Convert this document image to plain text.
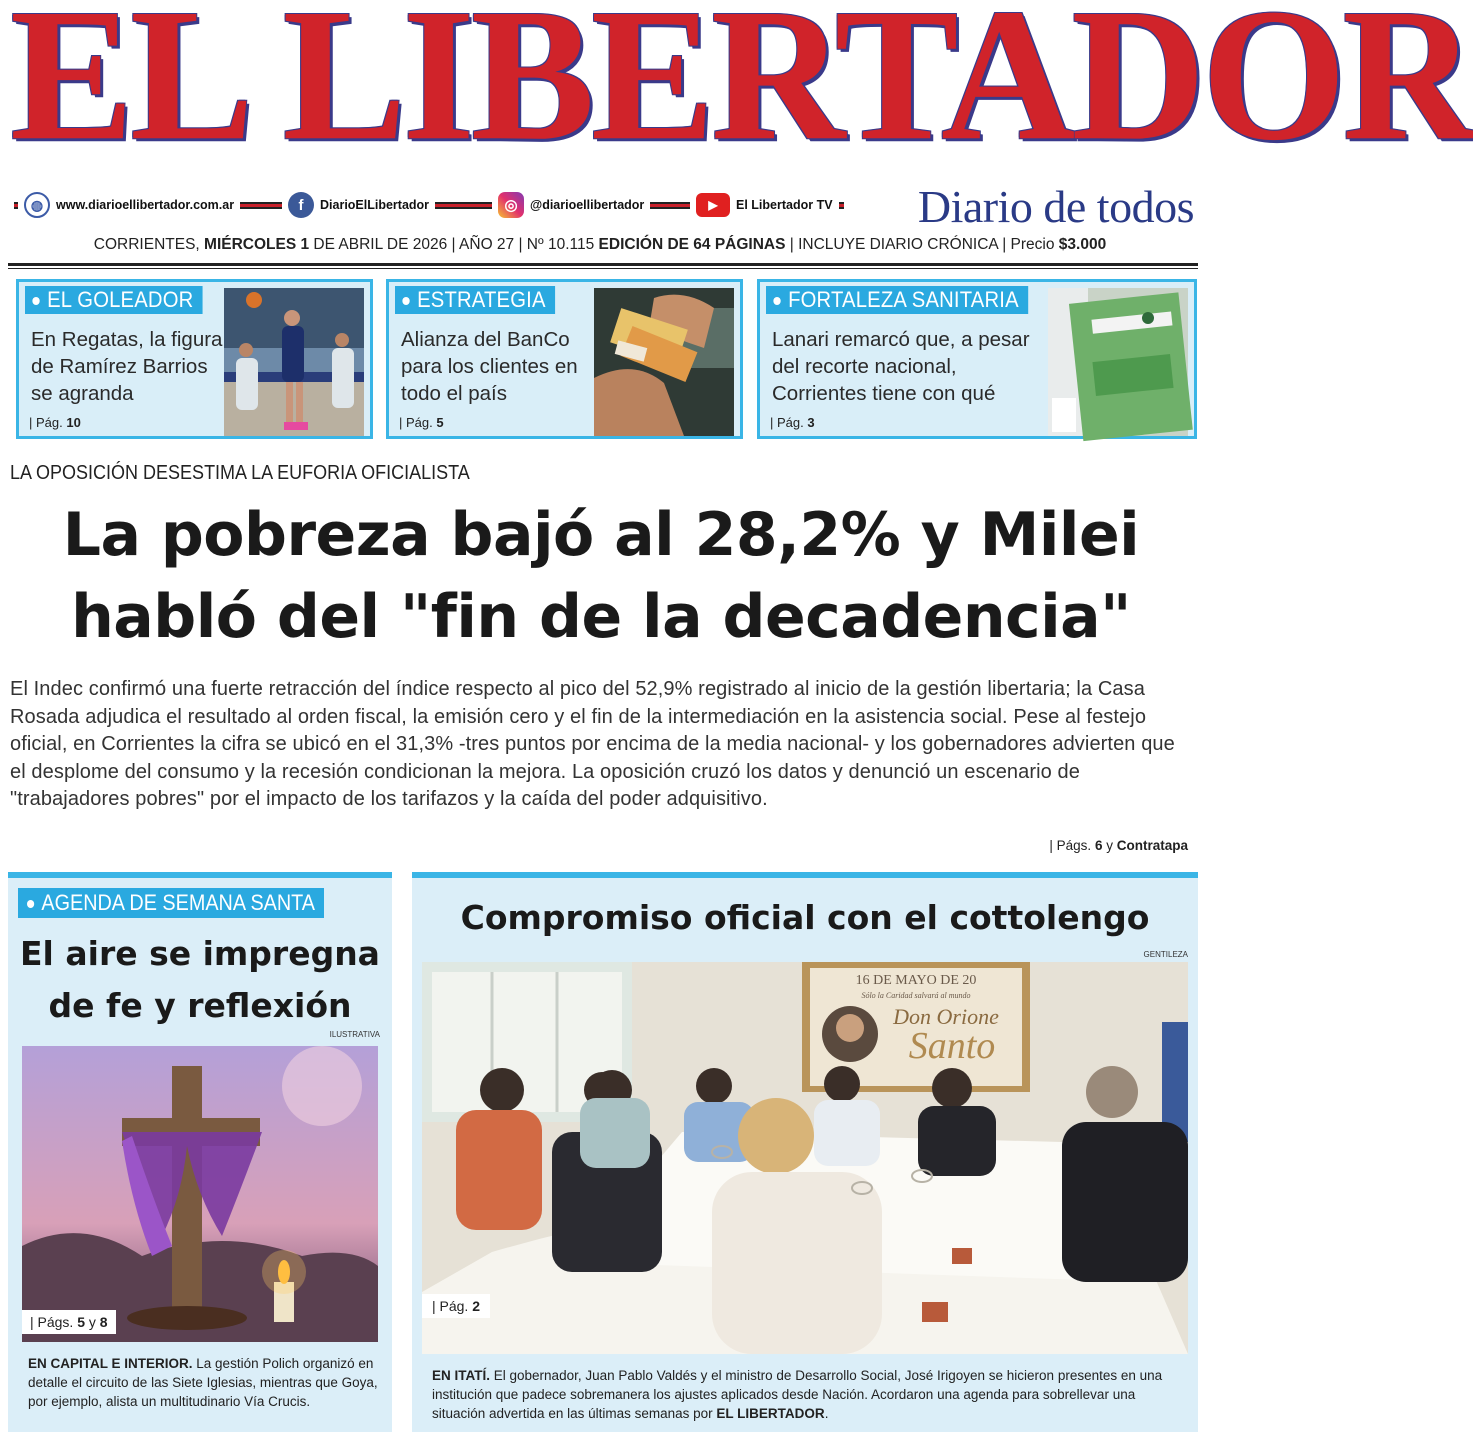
EL LIBERTADOR
◍	www.diarioellibertador.com.ar	f	DiarioElLibertador	◎ @diarioellibertador	▶	El Libertador TV Diario de todos
CORRIENTES, MIÉRCOLES 1 DE ABRIL DE 2026 | AÑO 27 | Nº 10.115 EDICIÓN DE 64 PÁGINAS | INCLUYE DIARIO CRÓNICA | Precio $3.000
EL GOLEADOR
En Regatas, la figura de Ramírez Barrios se agranda
| Pág. 10
ESTRATEGIA
Alianza del BanCo para los clientes en todo el país
| Pág. 5
FORTALEZA SANITARIA
Lanari remarcó que, a pesar del recorte nacional, Corrientes tiene con qué
| Pág. 3
LA OPOSICIÓN DESESTIMA LA EUFORIA OFICIALISTA
La pobreza bajó al 28,2% y Milei
habló del "fin de la decadencia"
El Indec confirmó una fuerte retracción del índice respecto al pico del 52,9% registrado al inicio de la gestión libertaria; la Casa Rosada adjudica el resultado al orden fiscal, la emisión cero y el fin de la intermediación en la asistencia social. Pese al festejo oficial, en Corrientes la cifra se ubicó en el 31,3% -tres puntos por encima de la media nacional- y los gobernadores advierten que el desplome del consumo y la recesión condicionan la mejora. La oposición cruzó los datos y denunció un escenario de "trabajadores pobres" por el impacto de los tarifazos y la caída del poder adquisitivo.
| Págs. 6 y Contratapa
AGENDA DE SEMANA SANTA
El aire se impregna
de fe y reflexión
ILUSTRATIVA
| Págs. 5 y 8
EN CAPITAL E INTERIOR. La gestión Polich organizó en detalle el circuito de las Siete Iglesias, mientras que Goya, por ejemplo, alista un multitudinario Vía Crucis.
Compromiso oficial con el cottolengo
GENTILEZA
16 DE MAYO DE 20
Sólo la Caridad salvará al mundo
Don Orione
Santo
| Pág. 2
EN ITATÍ. El gobernador, Juan Pablo Valdés y el ministro de Desarrollo Social, José Irigoyen se hicieron presentes en una institución que padece sobremanera los ajustes aplicados desde Nación. Acordaron una agenda para sobrellevar una situación advertida en las últimas semanas por EL LIBERTADOR.
